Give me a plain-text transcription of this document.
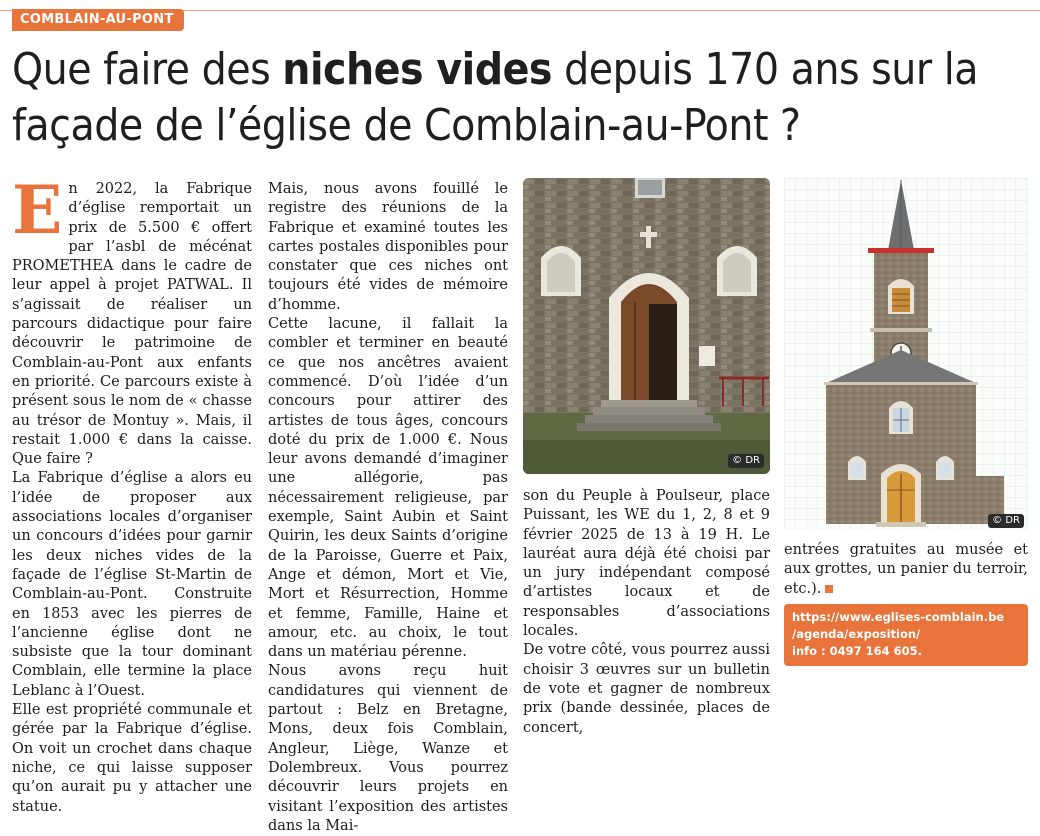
COMBLAIN-AU-PONT
Que faire des niches vides depuis 170 ans sur la façade de l’église de Comblain-au-Pont ?

En 2022, la Fabrique d’église remportait un prix de 5.500 € offert par l’asbl de mécénat PROMETHEA dans le cadre de leur appel à projet PATWAL. Il s’agissait de réaliser un parcours didactique pour faire découvrir le patrimoine de Comblain-au-Pont aux enfants en priorité. Ce parcours existe à présent sous le nom de « chasse au trésor de Montuy ». Mais, il restait 1.000 € dans la caisse. Que faire ?

La Fabrique d’église a alors eu l’idée de proposer aux associations locales d’organiser un concours d’idées pour garnir les deux niches vides de la façade de l’église St-Martin de Comblain-au-Pont. Construite en 1853 avec les pierres de l’ancienne église dont ne subsiste que la tour dominant Comblain, elle termine la place Leblanc à l’Ouest.

Elle est propriété communale et gérée par la Fabrique d’église. On voit un crochet dans chaque niche, ce qui laisse supposer qu’on aurait pu y attacher une statue.

Mais, nous avons fouillé le registre des réunions de la Fabrique et examiné toutes les cartes postales disponibles pour constater que ces niches ont toujours été vides de mémoire d’homme.

Cette lacune, il fallait la combler et terminer en beauté ce que nos ancêtres avaient commencé. D’où l’idée d’un concours pour attirer des artistes de tous âges, concours doté du prix de 1.000 €. Nous leur avons demandé d’imaginer une allégorie, pas nécessairement religieuse, par exemple, Saint Aubin et Saint Quirin, les deux Saints d’origine de la Paroisse, Guerre et Paix, Ange et démon, Mort et Vie, Mort et Résurrection, Homme et femme, Famille, Haine et amour, etc. au choix, le tout dans un matériau pérenne.

Nous avons reçu huit candidatures qui viennent de partout : Belz en Bretagne, Mons, deux fois Comblain, Angleur, Liège, Wanze et Dolembreux. Vous pourrez découvrir leurs projets en visitant l’exposition des artistes dans la Mai-

© DR
© DR

son du Peuple à Poulseur, place Puissant, les WE du 1, 2, 8 et 9 février 2025 de 13 à 19 H. Le lauréat aura déjà été choisi par un jury indépendant composé d’artistes locaux et de responsables d’associations locales.

De votre côté, vous pourrez aussi choisir 3 œuvres sur un bulletin de vote et gagner de nombreux prix (bande dessinée, places de concert,

entrées gratuites au musée et aux grottes, un panier du terroir, etc.).

https://www.eglises-comblain.be
/agenda/exposition/
info : 0497 164 605.
